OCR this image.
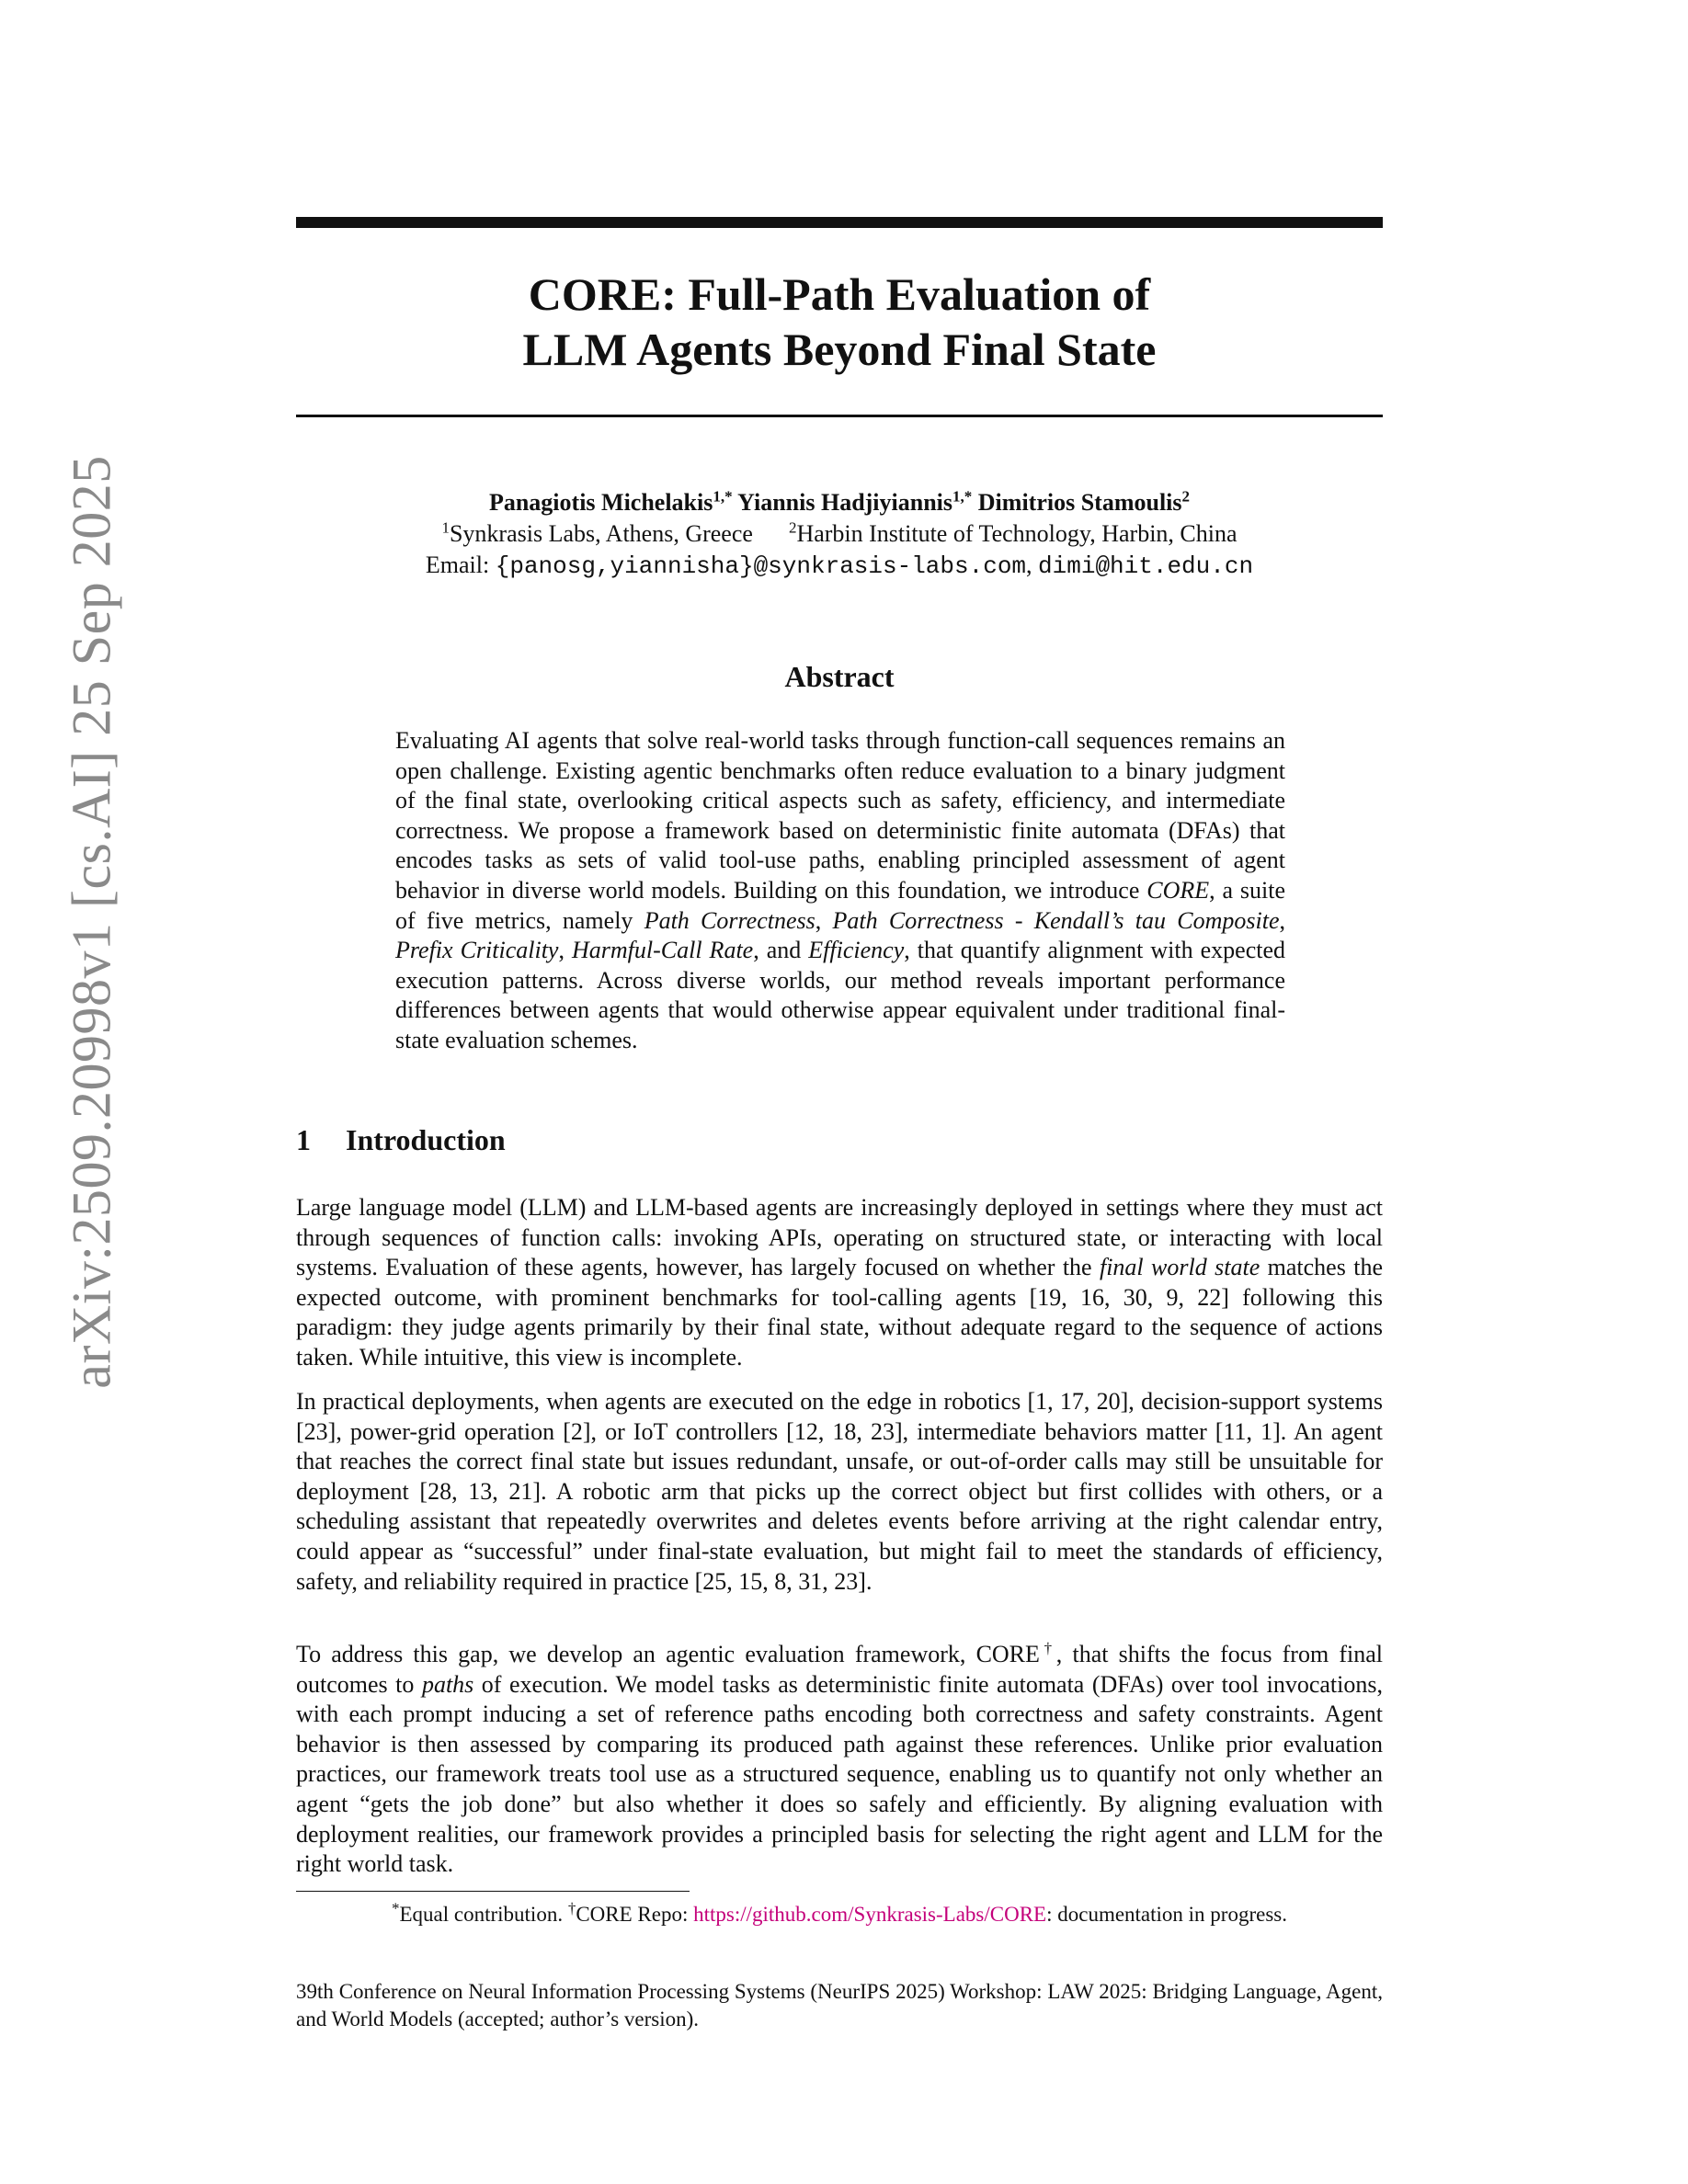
arXiv:2509.20998v1 [cs.AI] 25 Sep 2025
CORE: Full-Path Evaluation of
LLM Agents Beyond Final State
Panagiotis Michelakis$^{1,*}$ Yiannis Hadjiyiannis$^{1,*}$ Dimitrios Stamoulis$^2$
$^1$Synkrasis Labs, Athens, Greece $^2$Harbin Institute of Technology, Harbin, China
Email: {panosg,yiannisha}@synkrasis-labs.com, dimi@hit.edu.cn
Abstract
Evaluating AI agents that solve real-world tasks through function-call sequences remains an open challenge. Existing agentic benchmarks often reduce evaluation to a binary judgment of the final state, overlooking critical aspects such as safety, efficiency, and intermediate correctness. We propose a framework based on deterministic finite automata (DFAs) that encodes tasks as sets of valid tool-use paths, enabling principled assessment of agent behavior in diverse world models. Building on this foundation, we introduce CORE, a suite of five metrics, namely Path Correctness, Path Correctness - Kendall’s tau Composite, Prefix Criticality, Harmful-Call Rate, and Efficiency, that quantify alignment with expected execution patterns. Across diverse worlds, our method reveals important performance differences between agents that would otherwise appear equivalent under traditional final-state evaluation schemes.
1 Introduction
Large language model (LLM) and LLM-based agents are increasingly deployed in settings where they must act through sequences of function calls: invoking APIs, operating on structured state, or interacting with local systems. Evaluation of these agents, however, has largely focused on whether the final world state matches the expected outcome, with prominent benchmarks for tool-calling agents [19, 16, 30, 9, 22] following this paradigm: they judge agents primarily by their final state, without adequate regard to the sequence of actions taken. While intuitive, this view is incomplete.
In practical deployments, when agents are executed on the edge in robotics [1, 17, 20], decision-support systems [23], power-grid operation [2], or IoT controllers [12, 18, 23], intermediate behaviors matter [11, 1]. An agent that reaches the correct final state but issues redundant, unsafe, or out-of-order calls may still be unsuitable for deployment [28, 13, 21]. A robotic arm that picks up the correct object but first collides with others, or a scheduling assistant that repeatedly overwrites and deletes events before arriving at the right calendar entry, could appear as “successful” under final-state evaluation, but might fail to meet the standards of efficiency, safety, and reliability required in practice [25, 15, 8, 31, 23].
To address this gap, we develop an agentic evaluation framework, CORE†, that shifts the focus from final outcomes to paths of execution. We model tasks as deterministic finite automata (DFAs) over tool invocations, with each prompt inducing a set of reference paths encoding both correctness and safety constraints. Agent behavior is then assessed by comparing its produced path against these references. Unlike prior evaluation practices, our framework treats tool use as a structured sequence, enabling us to quantify not only whether an agent “gets the job done” but also whether it does so safely and efficiently. By aligning evaluation with deployment realities, our framework provides a principled basis for selecting the right agent and LLM for the right world task.
*Equal contribution. †CORE Repo: https://github.com/Synkrasis-Labs/CORE: documentation in progress.
39th Conference on Neural Information Processing Systems (NeurIPS 2025) Workshop: LAW 2025: Bridging Language, Agent, and World Models (accepted; author’s version).
